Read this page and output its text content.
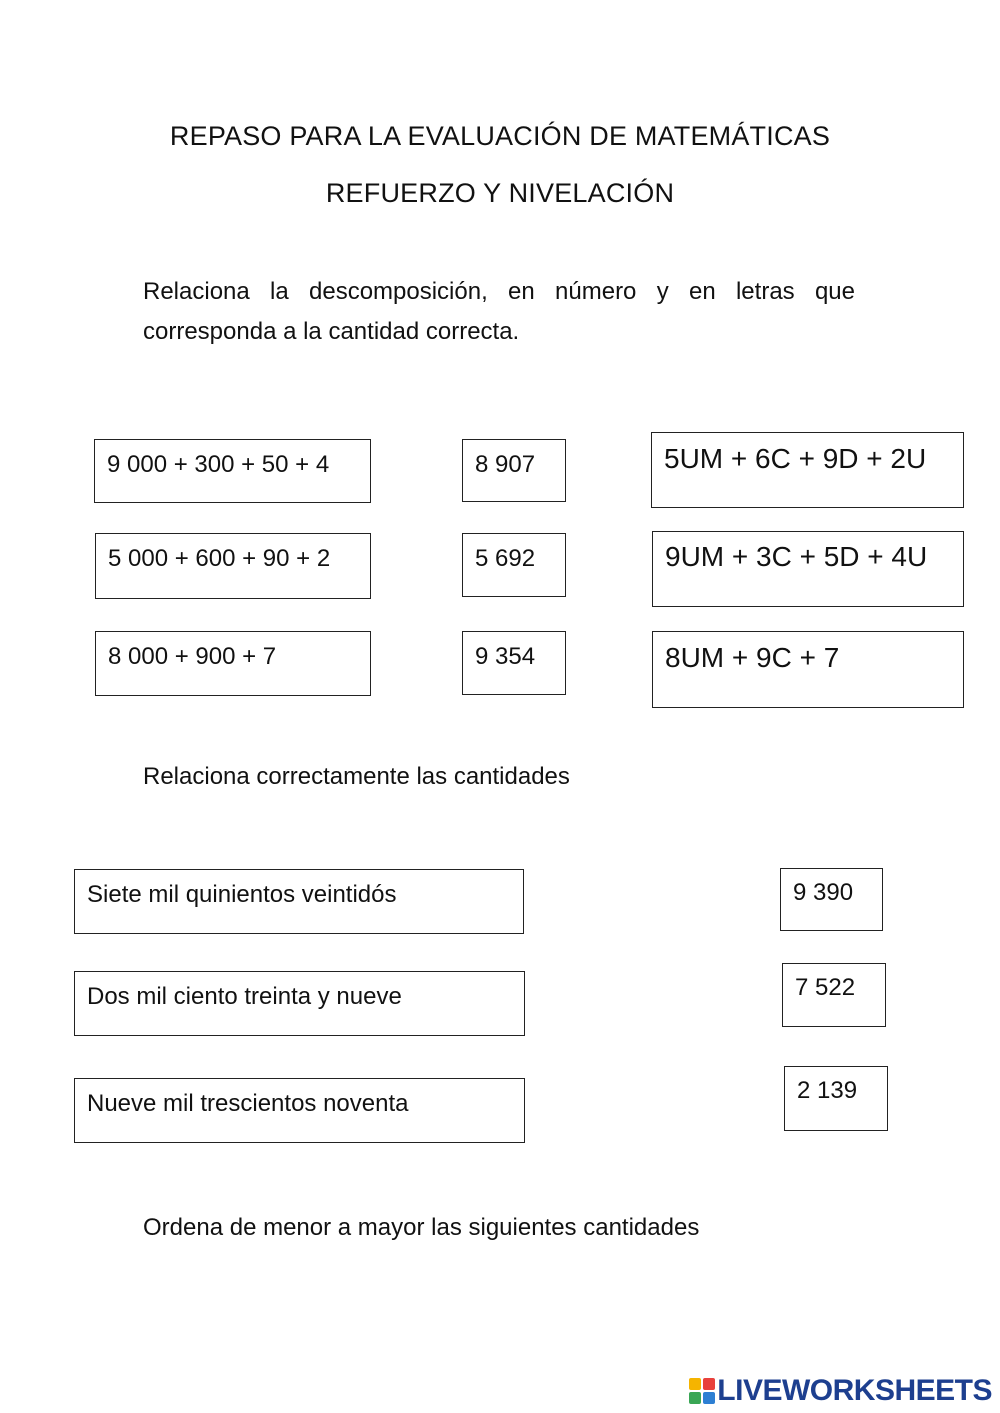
REPASO PARA LA EVALUACIÓN DE MATEMÁTICAS
REFUERZO Y NIVELACIÓN
Relaciona la descomposición, en número y en letras que corresponda a la cantidad correcta.
9 000 + 300 + 50 + 4
5 000 + 600 + 90 + 2
8 000 + 900 + 7
8 907
5 692
9 354
5UM + 6C + 9D + 2U
9UM + 3C + 5D + 4U
8UM + 9C + 7
Relaciona correctamente las cantidades
Siete mil quinientos veintidós
Dos mil ciento treinta y nueve
Nueve mil trescientos noventa
9 390
7 522
2 139
Ordena de menor a mayor las siguientes cantidades
LIVEWORKSHEETS
